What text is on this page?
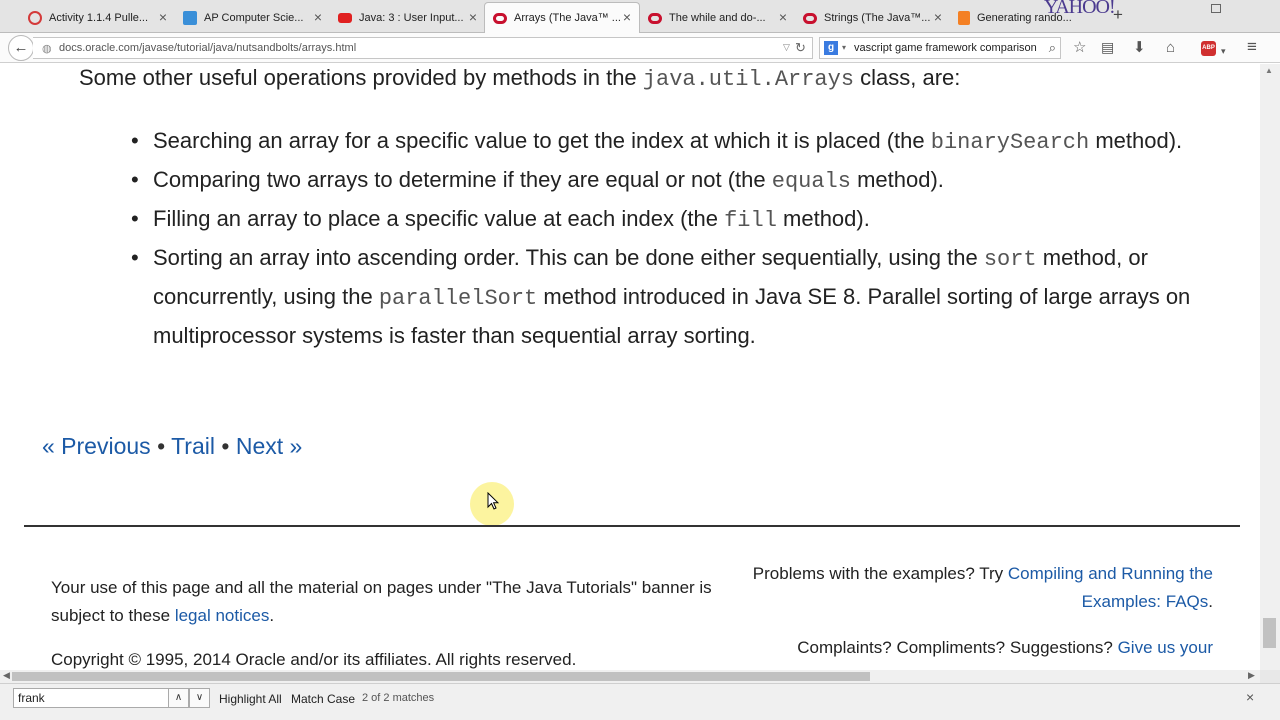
Activity 1.1.4 Pulle... ×	AP Computer Scie... ×	Java: 3 : User Input... ×	Arrays (The Java™ ... ×	The while and do-... ×	Strings (The Java™... ×	Generating rando...
YAHOO!
+
←	◍ docs.oracle.com/javase/tutorial/java/nutsandbolts/arrays.html	▽ ↻	g ▾ vascript game framework comparison ⌕ ☆ ▤ ⬇ ⌂	ABP ▾ ≡
Some other useful operations provided by methods in the java.util.Arrays class, are:
• Searching an array for a specific value to get the index at which it is placed (the binarySearch method).
• Comparing two arrays to determine if they are equal or not (the equals method).
• Filling an array to place a specific value at each index (the fill method).
• Sorting an array into ascending order. This can be done either sequentially, using the sort method, or concurrently, using the parallelSort method introduced in Java SE 8. Parallel sorting of large arrays on multiprocessor systems is faster than sequential array sorting.
« Previous • Trail • Next »
Your use of this page and all the material on pages under "The Java Tutorials" banner is subject to these legal notices.
Problems with the examples? Try Compiling and Running the Examples: FAQs.
Complaints? Compliments? Suggestions? Give us your
Copyright © 1995, 2014 Oracle and/or its affiliates. All rights reserved.
▲
◀	▶
frank
∧	∨	Highlight All Match Case 2 of 2 matches	×
